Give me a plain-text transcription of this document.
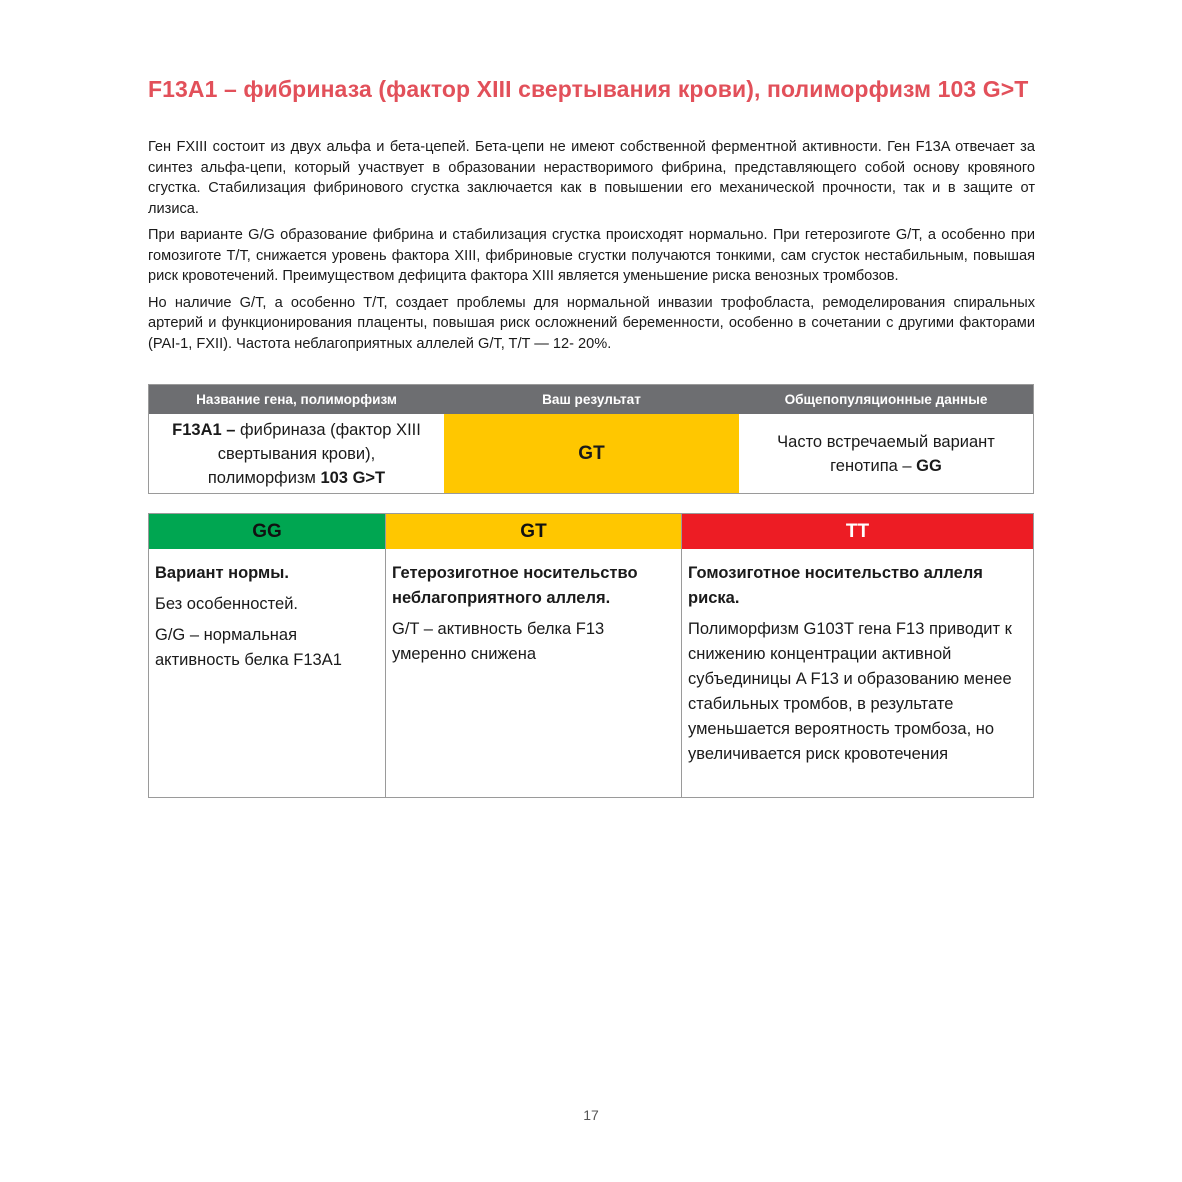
F13A1 – фибриназа (фактор XIII свертывания крови), полиморфизм 103 G>T

Ген FXIII состоит из двух альфа и бета-цепей. Бета-цепи не имеют собственной ферментной активности. Ген F13A отвечает за синтез альфа-цепи, который участвует в образовании нерастворимого фибрина, представляющего собой основу кровяного сгустка. Стабилизация фибринового сгустка заключается как в повышении его механической прочности, так и в защите от лизиса.

При варианте G/G образование фибрина и стабилизация сгустка происходят нормально. При гетерозиготе G/T, а особенно при гомозиготе T/T, снижается уровень фактора XIII, фибриновые сгустки получаются тонкими, сам сгусток нестабильным, повышая риск кровотечений. Преимуществом дефицита фактора XIII является уменьшение риска венозных тромбозов.

Но наличие G/T, а особенно T/T, создает проблемы для нормальной инвазии трофобласта, ремоделирования спиральных артерий и функционирования плаценты, повышая риск осложнений беременности, особенно в сочетании с другими факторами (PAI-1, FXII). Частота неблагоприятных аллелей G/T, T/T — 12- 20%.

Название гена, полиморфизм	Ваш результат	Общепопуляционные данные
F13A1 – фибриназа (фактор XIII свертывания крови), полиморфизм 103 G>T
GT
Часто встречаемый вариант генотипа – GG
GG

Вариант нормы.

Без особенностей.

G/G – нормальная активность белка F13A1

GT

Гетерозиготное носительство неблагоприятного аллеля.

G/T – активность белка F13 умеренно снижена

TT

Гомозиготное носительство аллеля риска.

Полиморфизм G103T гена F13 приводит к снижению концентрации активной субъединицы A F13 и образованию менее стабильных тромбов, в результате уменьшается вероятность тромбоза, но увеличивается риск кровотечения

17
